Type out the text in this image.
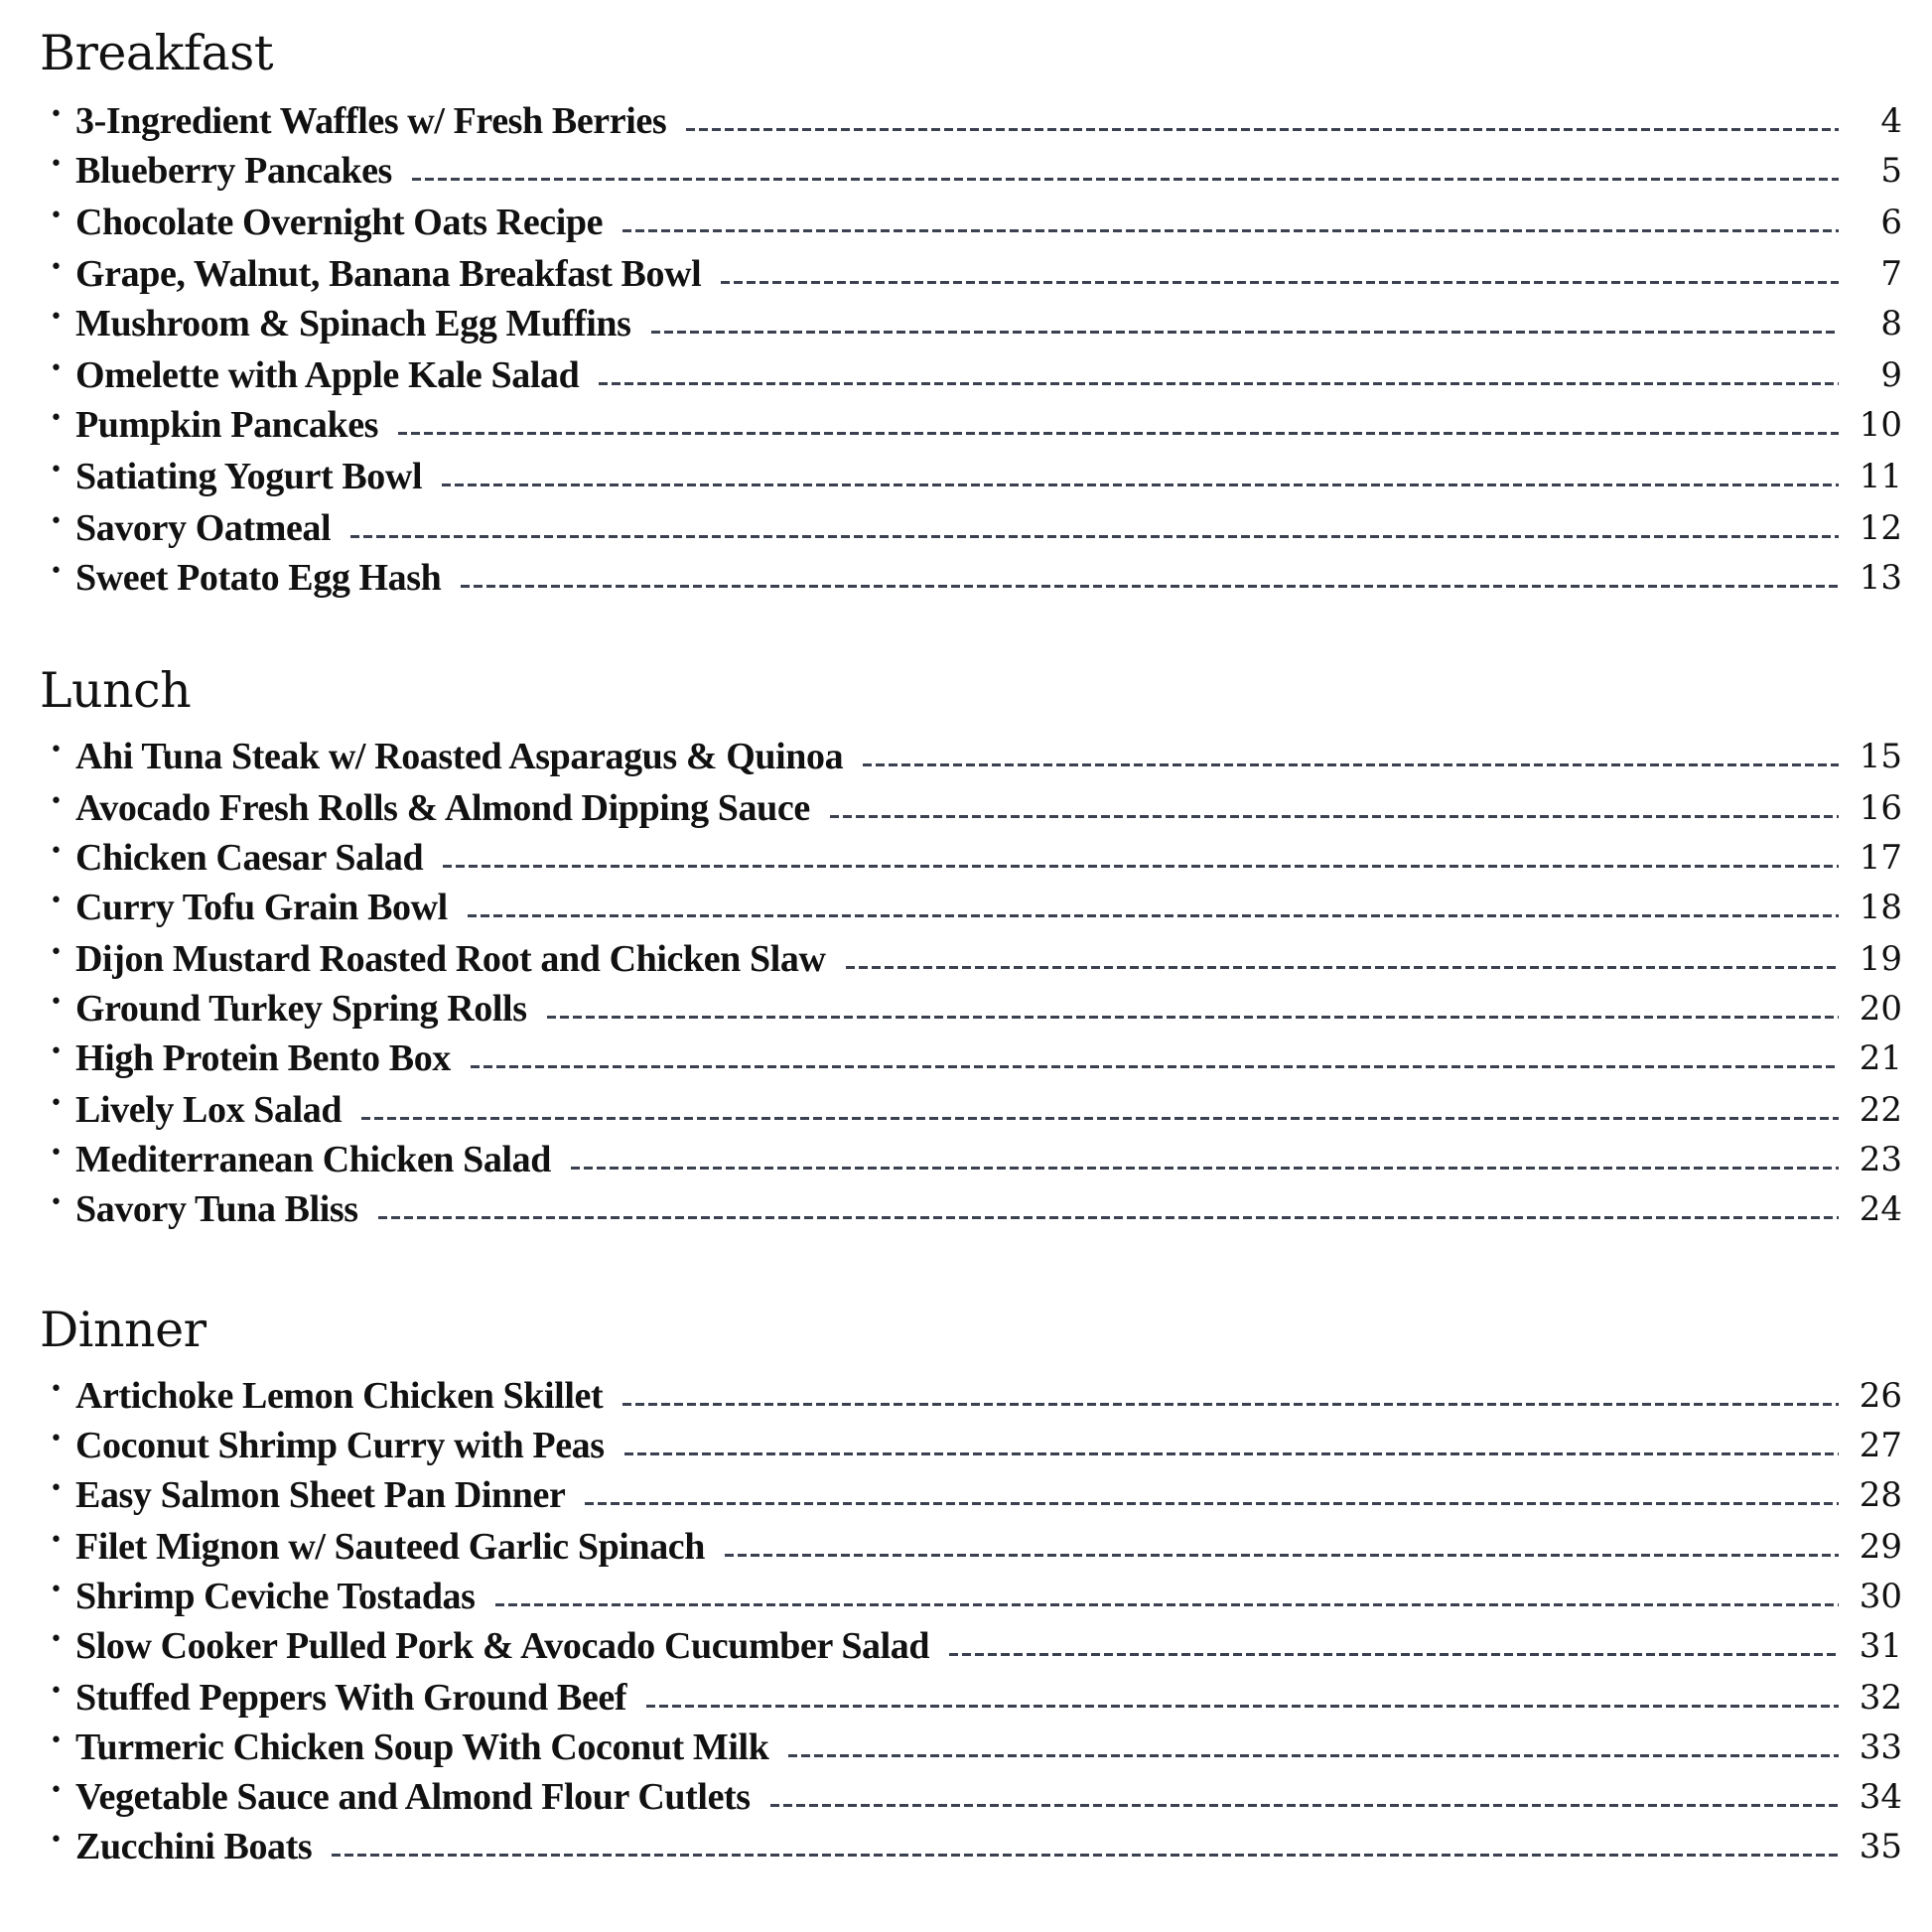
Breakfast
• 3-Ingredient Waffles w/ Fresh Berries	4
• Blueberry Pancakes	5
• Chocolate Overnight Oats Recipe	6
• Grape, Walnut, Banana Breakfast Bowl	7
• Mushroom & Spinach Egg Muffins	8
• Omelette with Apple Kale Salad	9
• Pumpkin Pancakes	10
• Satiating Yogurt Bowl	11
• Savory Oatmeal	12
• Sweet Potato Egg Hash	13
Lunch
• Ahi Tuna Steak w/ Roasted Asparagus & Quinoa	15
• Avocado Fresh Rolls & Almond Dipping Sauce	16
• Chicken Caesar Salad	17
• Curry Tofu Grain Bowl	18
• Dijon Mustard Roasted Root and Chicken Slaw	19
• Ground Turkey Spring Rolls	20
• High Protein Bento Box	21
• Lively Lox Salad	22
• Mediterranean Chicken Salad	23
• Savory Tuna Bliss	24
Dinner
• Artichoke Lemon Chicken Skillet	26
• Coconut Shrimp Curry with Peas	27
• Easy Salmon Sheet Pan Dinner	28
• Filet Mignon w/ Sauteed Garlic Spinach	29
• Shrimp Ceviche Tostadas	30
• Slow Cooker Pulled Pork & Avocado Cucumber Salad	31
• Stuffed Peppers With Ground Beef	32
• Turmeric Chicken Soup With Coconut Milk	33
• Vegetable Sauce and Almond Flour Cutlets	34
• Zucchini Boats	35
